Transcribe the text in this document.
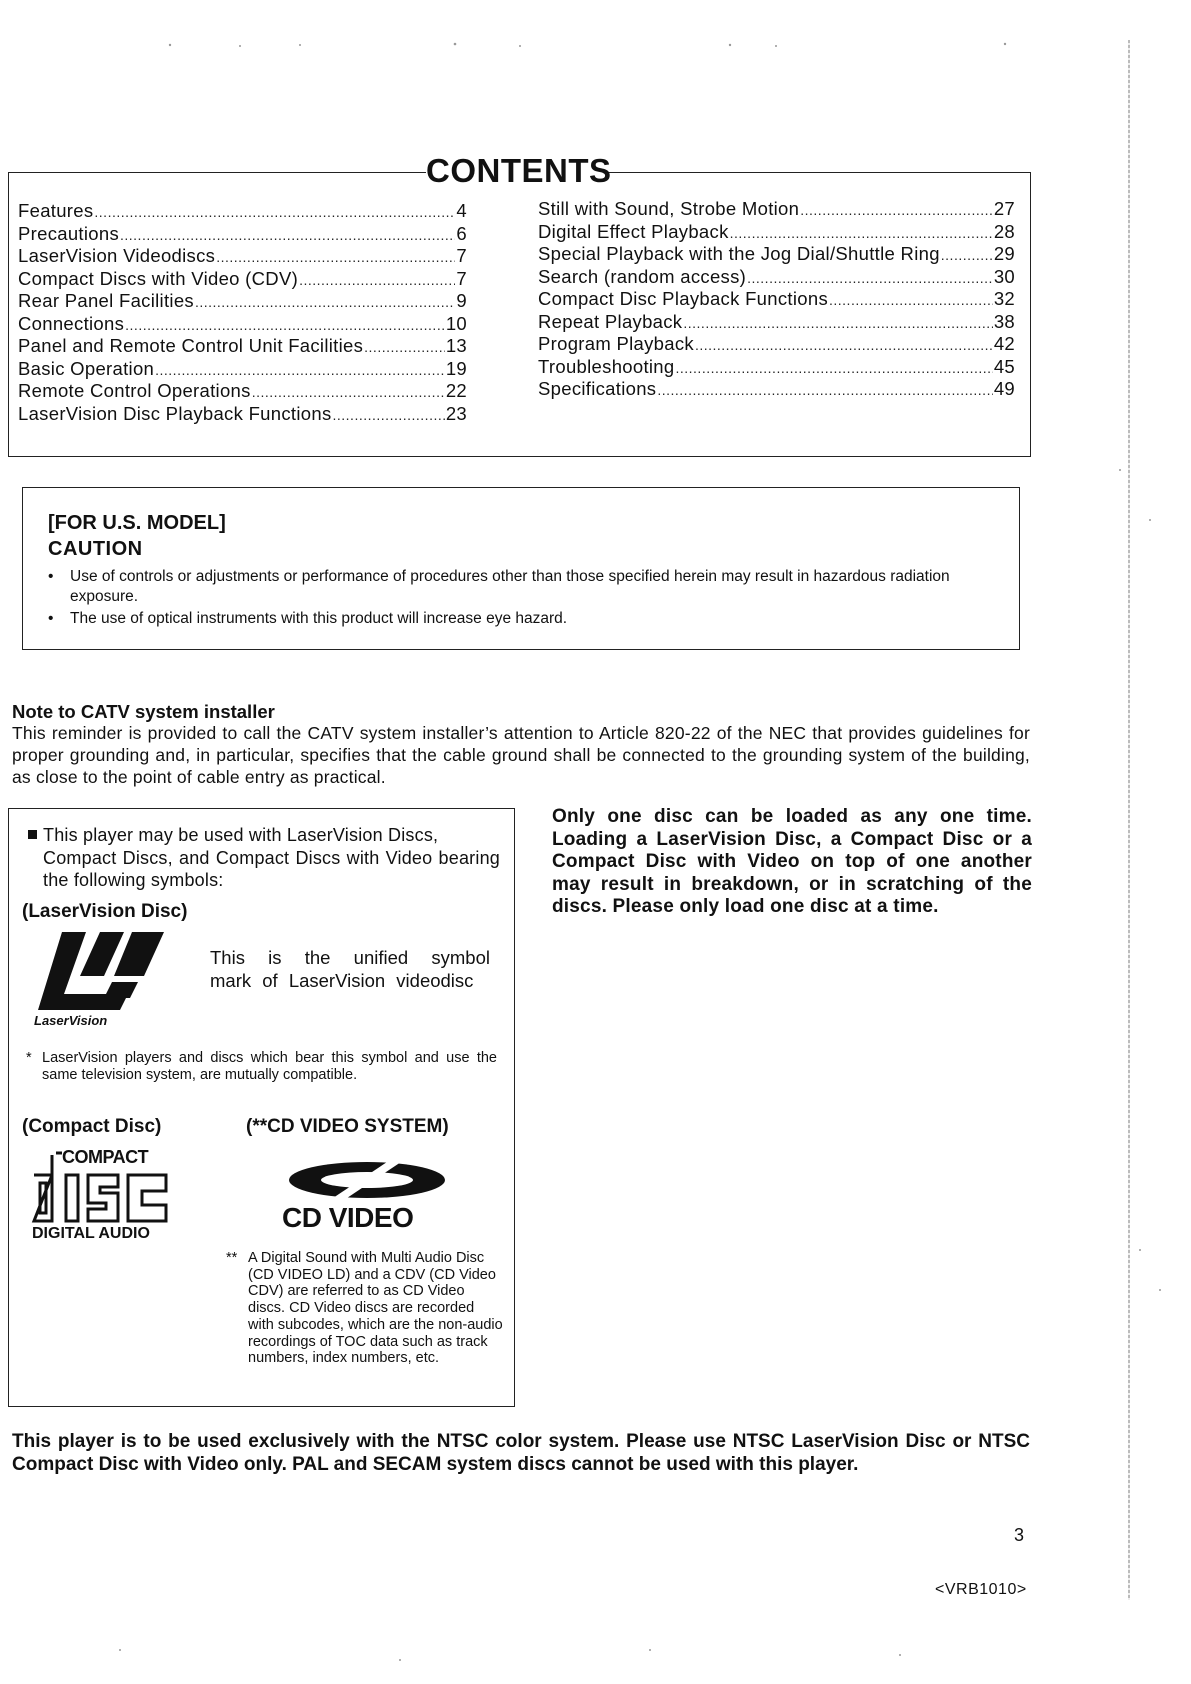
CONTENTS
Features .....	4
Precautions .....	6
LaserVision Videodiscs .....	7
Compact Discs with Video (CDV) .....	7
Rear Panel Facilities .....	9
Connections .....	10
Panel and Remote Control Unit Facilities .....	13
Basic Operation .....	19
Remote Control Operations .....	22
LaserVision Disc Playback Functions .....	23
Still with Sound, Strobe Motion .....	27
Digital Effect Playback .....	28
Special Playback with the Jog Dial/Shuttle Ring .....	29
Search (random access) .....	30
Compact Disc Playback Functions .....	32
Repeat Playback .....	38
Program Playback .....	42
Troubleshooting .....	45
Specifications .....	49
[FOR U.S. MODEL]
CAUTION
• Use of controls or adjustments or performance of procedures other than those specified herein may result in hazardous radiation exposure.
• The use of optical instruments with this product will increase eye hazard.
Note to CATV system installer
This reminder is provided to call the CATV system installer’s attention to Article 820-22 of the NEC that provides guidelines for proper grounding and, in particular, specifies that the cable ground shall be connected to the grounding system of the building, as close to the point of cable entry as practical.
This player may be used with LaserVision Discs,
Compact Discs, and Compact Discs with Video bearing the following symbols:
(LaserVision Disc)
LaserVision
This is the unified symbol mark of LaserVision videodisc
* LaserVision players and discs which bear this symbol and use the same television system, are mutually compatible.
(Compact Disc)	(**CD VIDEO SYSTEM)
COMPACT
DIGITAL AUDIO
CD VIDEO
** A Digital Sound with Multi Audio Disc (CD VIDEO LD) and a CDV (CD Video CDV) are referred to as CD Video discs. CD Video discs are recorded with subcodes, which are the non-audio recordings of TOC data such as track numbers, index numbers, etc.
Only one disc can be loaded as any one time. Loading a LaserVision Disc, a Compact Disc or a Compact Disc with Video on top of one another may result in breakdown, or in scratching of the discs. Please only load one disc at a time.
This player is to be used exclusively with the NTSC color system. Please use NTSC LaserVision Disc or NTSC Compact Disc with Video only. PAL and SECAM system discs cannot be used with this player.
3
<VRB1010>
